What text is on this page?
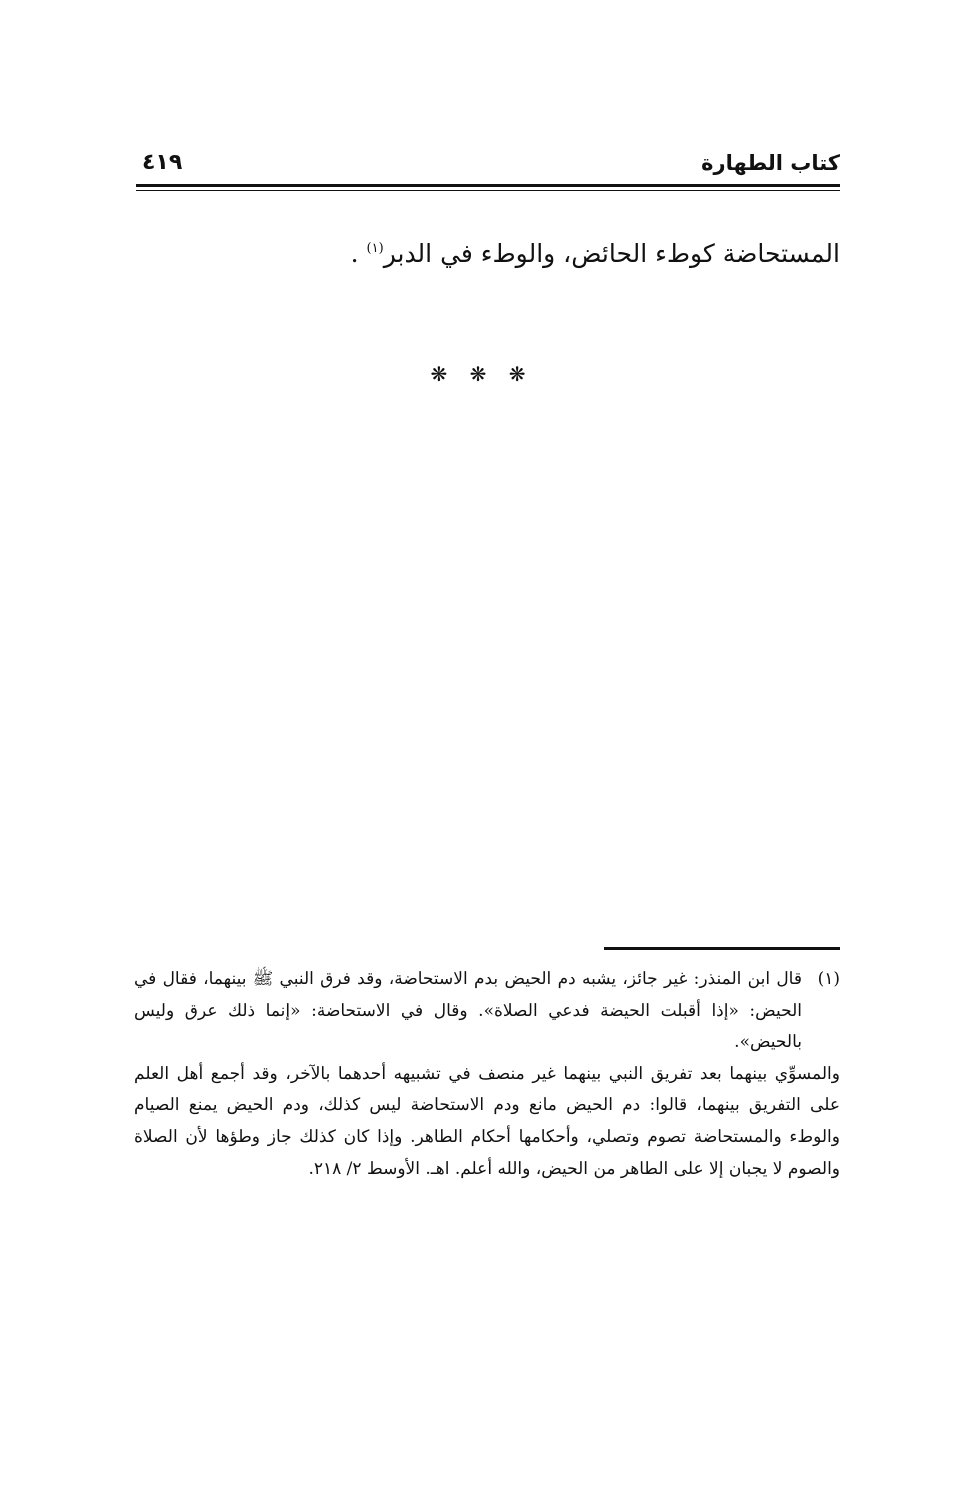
كتاب الطهارة
٤١٩
المستحاضة كوطء الحائض، والوطء في الدبر$^{(١)}$ .
❋ ❋ ❋
(١)

قال ابن المنذر: غير جائز، يشبه دم الحيض بدم الاستحاضة، وقد فرق النبي ﷺ بينهما، فقال في الحيض: «إذا أقبلت الحيضة فدعي الصلاة». وقال في الاستحاضة: «إنما ذلك عرق وليس بالحيض».

والمسوِّي بينهما بعد تفريق النبي بينهما غير منصف في تشبيهه أحدهما بالآخر، وقد أجمع أهل العلم على التفريق بينهما، قالوا: دم الحيض مانع ودم الاستحاضة ليس كذلك، ودم الحيض يمنع الصيام والوطء والمستحاضة تصوم وتصلي، وأحكامها أحكام الطاهر. وإذا كان كذلك جاز وطؤها لأن الصلاة والصوم لا يجبان إلا على الطاهر من الحيض، والله أعلم. اهـ. الأوسط ٢/ ٢١٨.
